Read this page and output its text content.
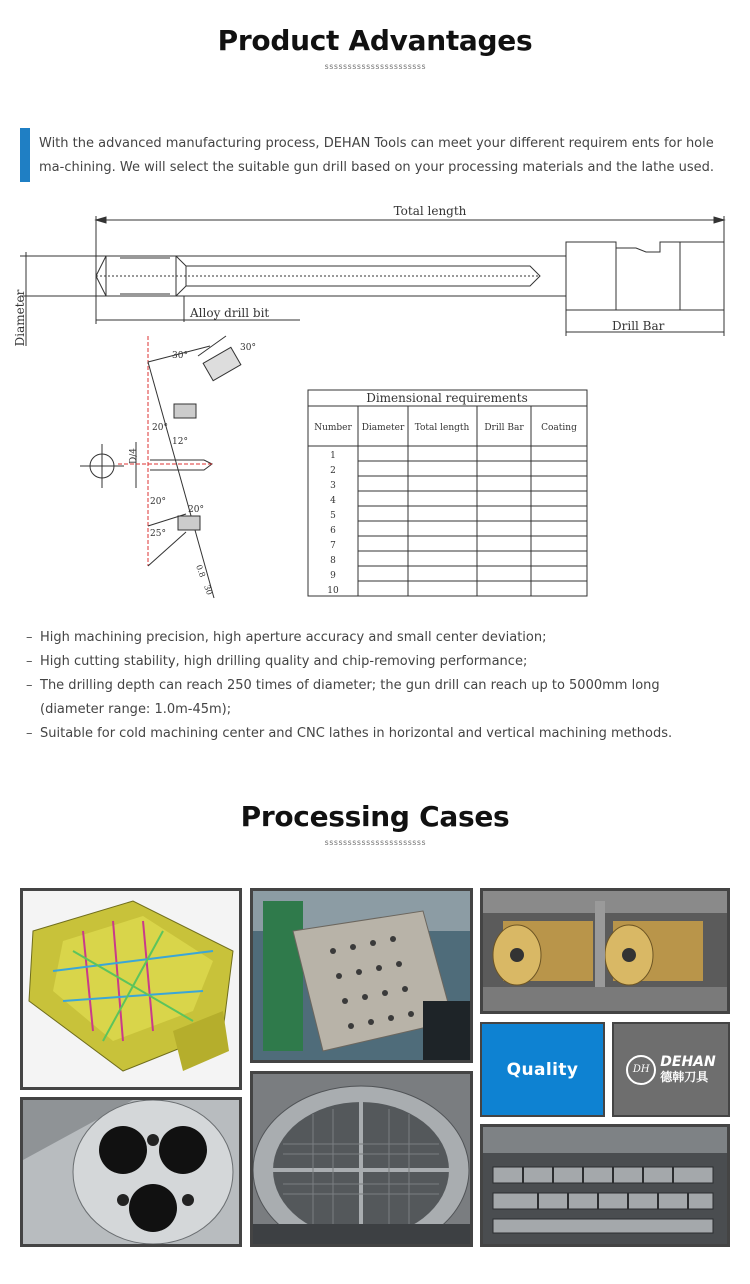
Product Advantages
ssssssssssssssssssssss

With the advanced manufacturing process, DEHAN Tools can meet your different requirem ents for hole ma-chining. We will select the suitable gun drill based on your processing materials and the lathe used.

Total length
Diameter	Alloy drill bit
Drill Bar
30°
30°
20°
12°
20°
20°
25°
0.8
30
D/4
Dimensional requirements
Number Diameter Total length Drill Bar Coating
1
2
3
4
5
6
7
8
9
10
– High machining precision, high aperture accuracy and small center deviation;
– High cutting stability, high drilling quality and chip-removing performance;
– The drilling depth can reach 250 times of diameter; the gun drill can reach up to 5000mm long (diameter range: 1.0m-45m);
– Suitable for cold machining center and CNC lathes in horizontal and vertical machining methods.
Processing Cases
ssssssssssssssssssssss
Quality	DH DEHAN
德韩刀具
